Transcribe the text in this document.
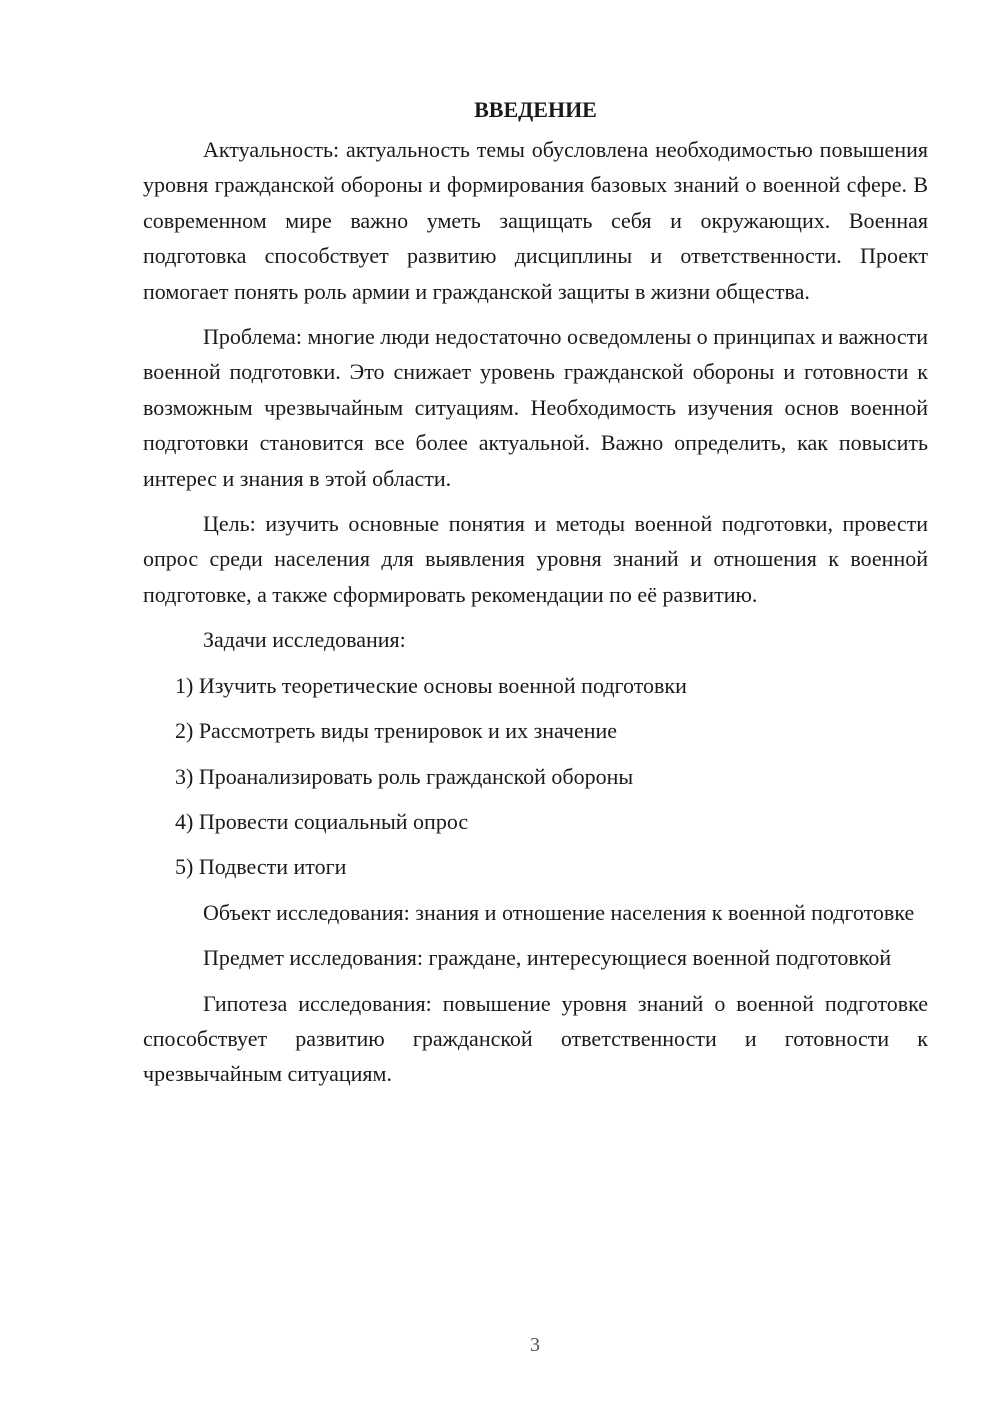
ВВЕДЕНИЕ

Актуальность: актуальность темы обусловлена необходимостью повышения уровня гражданской обороны и формирования базовых знаний о военной сфере. В современном мире важно уметь защищать себя и окружающих. Военная подготовка способствует развитию дисциплины и ответственности. Проект помогает понять роль армии и гражданской защиты в жизни общества.

Проблема: многие люди недостаточно осведомлены о принципах и важности военной подготовки. Это снижает уровень гражданской обороны и готовности к возможным чрезвычайным ситуациям. Необходимость изучения основ военной подготовки становится все более актуальной. Важно определить, как повысить интерес и знания в этой области.

Цель: изучить основные понятия и методы военной подготовки, провести опрос среди населения для выявления уровня знаний и отношения к военной подготовке, а также сформировать рекомендации по её развитию.

Задачи исследования:

1) Изучить теоретические основы военной подготовки
2) Рассмотреть виды тренировок и их значение
3) Проанализировать роль гражданской обороны
4) Провести социальный опрос
5) Подвести итоги

Объект исследования: знания и отношение населения к военной подготовке

Предмет исследования: граждане, интересующиеся военной подготовкой

Гипотеза исследования: повышение уровня знаний о военной подготовке способствует развитию гражданской ответственности и готовности к чрезвычайным ситуациям.

3
